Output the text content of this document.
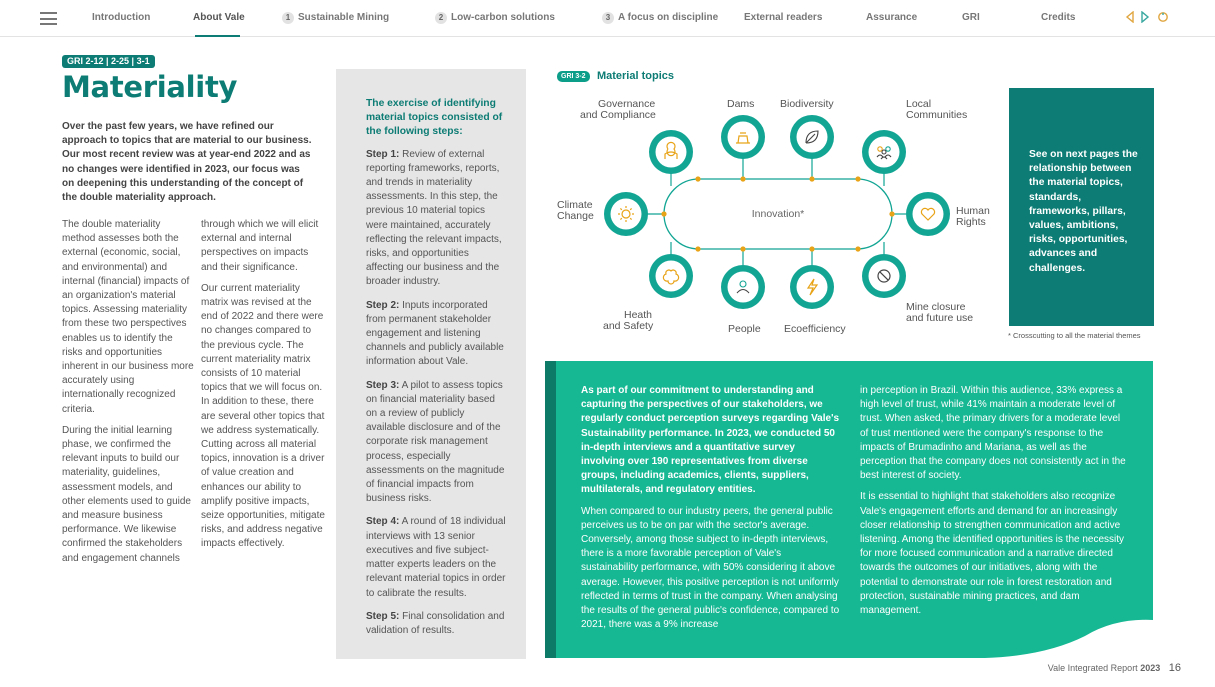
Introduction	About Vale	1 Sustainable Mining	2 Low-carbon solutions	3 A focus on discipline	External readers	Assurance	GRI	Credits
GRI 2-12 | 2-25 | 3-1
Materiality
Over the past few years, we have refined our approach to topics that are material to our business. Our most recent review was at year-end 2022 and as no changes were identified in 2023, our focus was on deepening this understanding of the concept of the double materiality approach.

The double materiality method assesses both the external (economic, social, and environmental) and internal (financial) impacts of an organization's material topics. Assessing materiality from these two perspectives enables us to identify the risks and opportunities inherent in our business more accurately using internationally recognized criteria.

During the initial learning phase, we confirmed the relevant inputs to build our materiality, guidelines, assessment models, and other elements used to guide and measure business performance. We likewise confirmed the stakeholders and engagement channels

through which we will elicit external and internal perspectives on impacts and their significance.

Our current materiality matrix was revised at the end of 2022 and there were no changes compared to the previous cycle. The current materiality matrix consists of 10 material topics that we will focus on. In addition to these, there are several other topics that we address systematically. Cutting across all material topics, innovation is a driver of value creation and enhances our ability to amplify positive impacts, seize opportunities, mitigate risks, and address negative impacts effectively.

The exercise of identifying material topics consisted of the following steps:

Step 1: Review of external reporting frameworks, reports, and trends in materiality assessments. In this step, the previous 10 material topics were maintained, accurately reflecting the relevant impacts, risks, and opportunities affecting our business and the broader industry.

Step 2: Inputs incorporated from permanent stakeholder engagement and listening channels and publicly available information about Vale.

Step 3: A pilot to assess topics on financial materiality based on a review of publicly available disclosure and of the corporate risk management process, especially assessments on the magnitude of financial impacts from business risks.

Step 4: A round of 18 individual interviews with 13 senior executives and five subject-matter experts leaders on the relevant material topics in order to calibrate the results.

Step 5: Final consolidation and validation of results.

GRI 3-2 Material topics
Innovation*
Governance
and Compliance
Dams Biodiversity	Local
Communities
Climate
Change	Human
Rights
Heath
and Safety	People Ecoefficiency
Mine closure
and future use
* Crosscutting to all the material themes
See on next pages the relationship between the material topics, standards, frameworks, pillars, values, ambitions, risks, opportunities, advances and challenges.

As part of our commitment to understanding and capturing the perspectives of our stakeholders, we regularly conduct perception surveys regarding Vale's Sustainability performance. In 2023, we conducted 50 in-depth interviews and a quantitative survey involving over 190 representatives from diverse groups, including academics, clients, suppliers, multilaterals, and regulatory entities.

When compared to our industry peers, the general public perceives us to be on par with the sector's average. Conversely, among those subject to in-depth interviews, there is a more favorable perception of Vale's sustainability performance, with 50% considering it above average. However, this positive perception is not uniformly reflected in terms of trust in the company. When analysing the results of the general public's confidence, compared to 2021, there was a 9% increase

in perception in Brazil. Within this audience, 33% express a high level of trust, while 41% maintain a moderate level of trust. When asked, the primary drivers for a moderate level of trust mentioned were the company's response to the impacts of Brumadinho and Mariana, as well as the perception that the company does not consistently act in the best interest of society.

It is essential to highlight that stakeholders also recognize Vale's engagement efforts and demand for an increasingly closer relationship to strengthen communication and active listening. Among the identified opportunities is the necessity for more focused communication and a narrative directed towards the outcomes of our initiatives, along with the potential to demonstrate our role in forest restoration and protection, sustainable mining practices, and dam management.

Vale Integrated Report 2023 16
